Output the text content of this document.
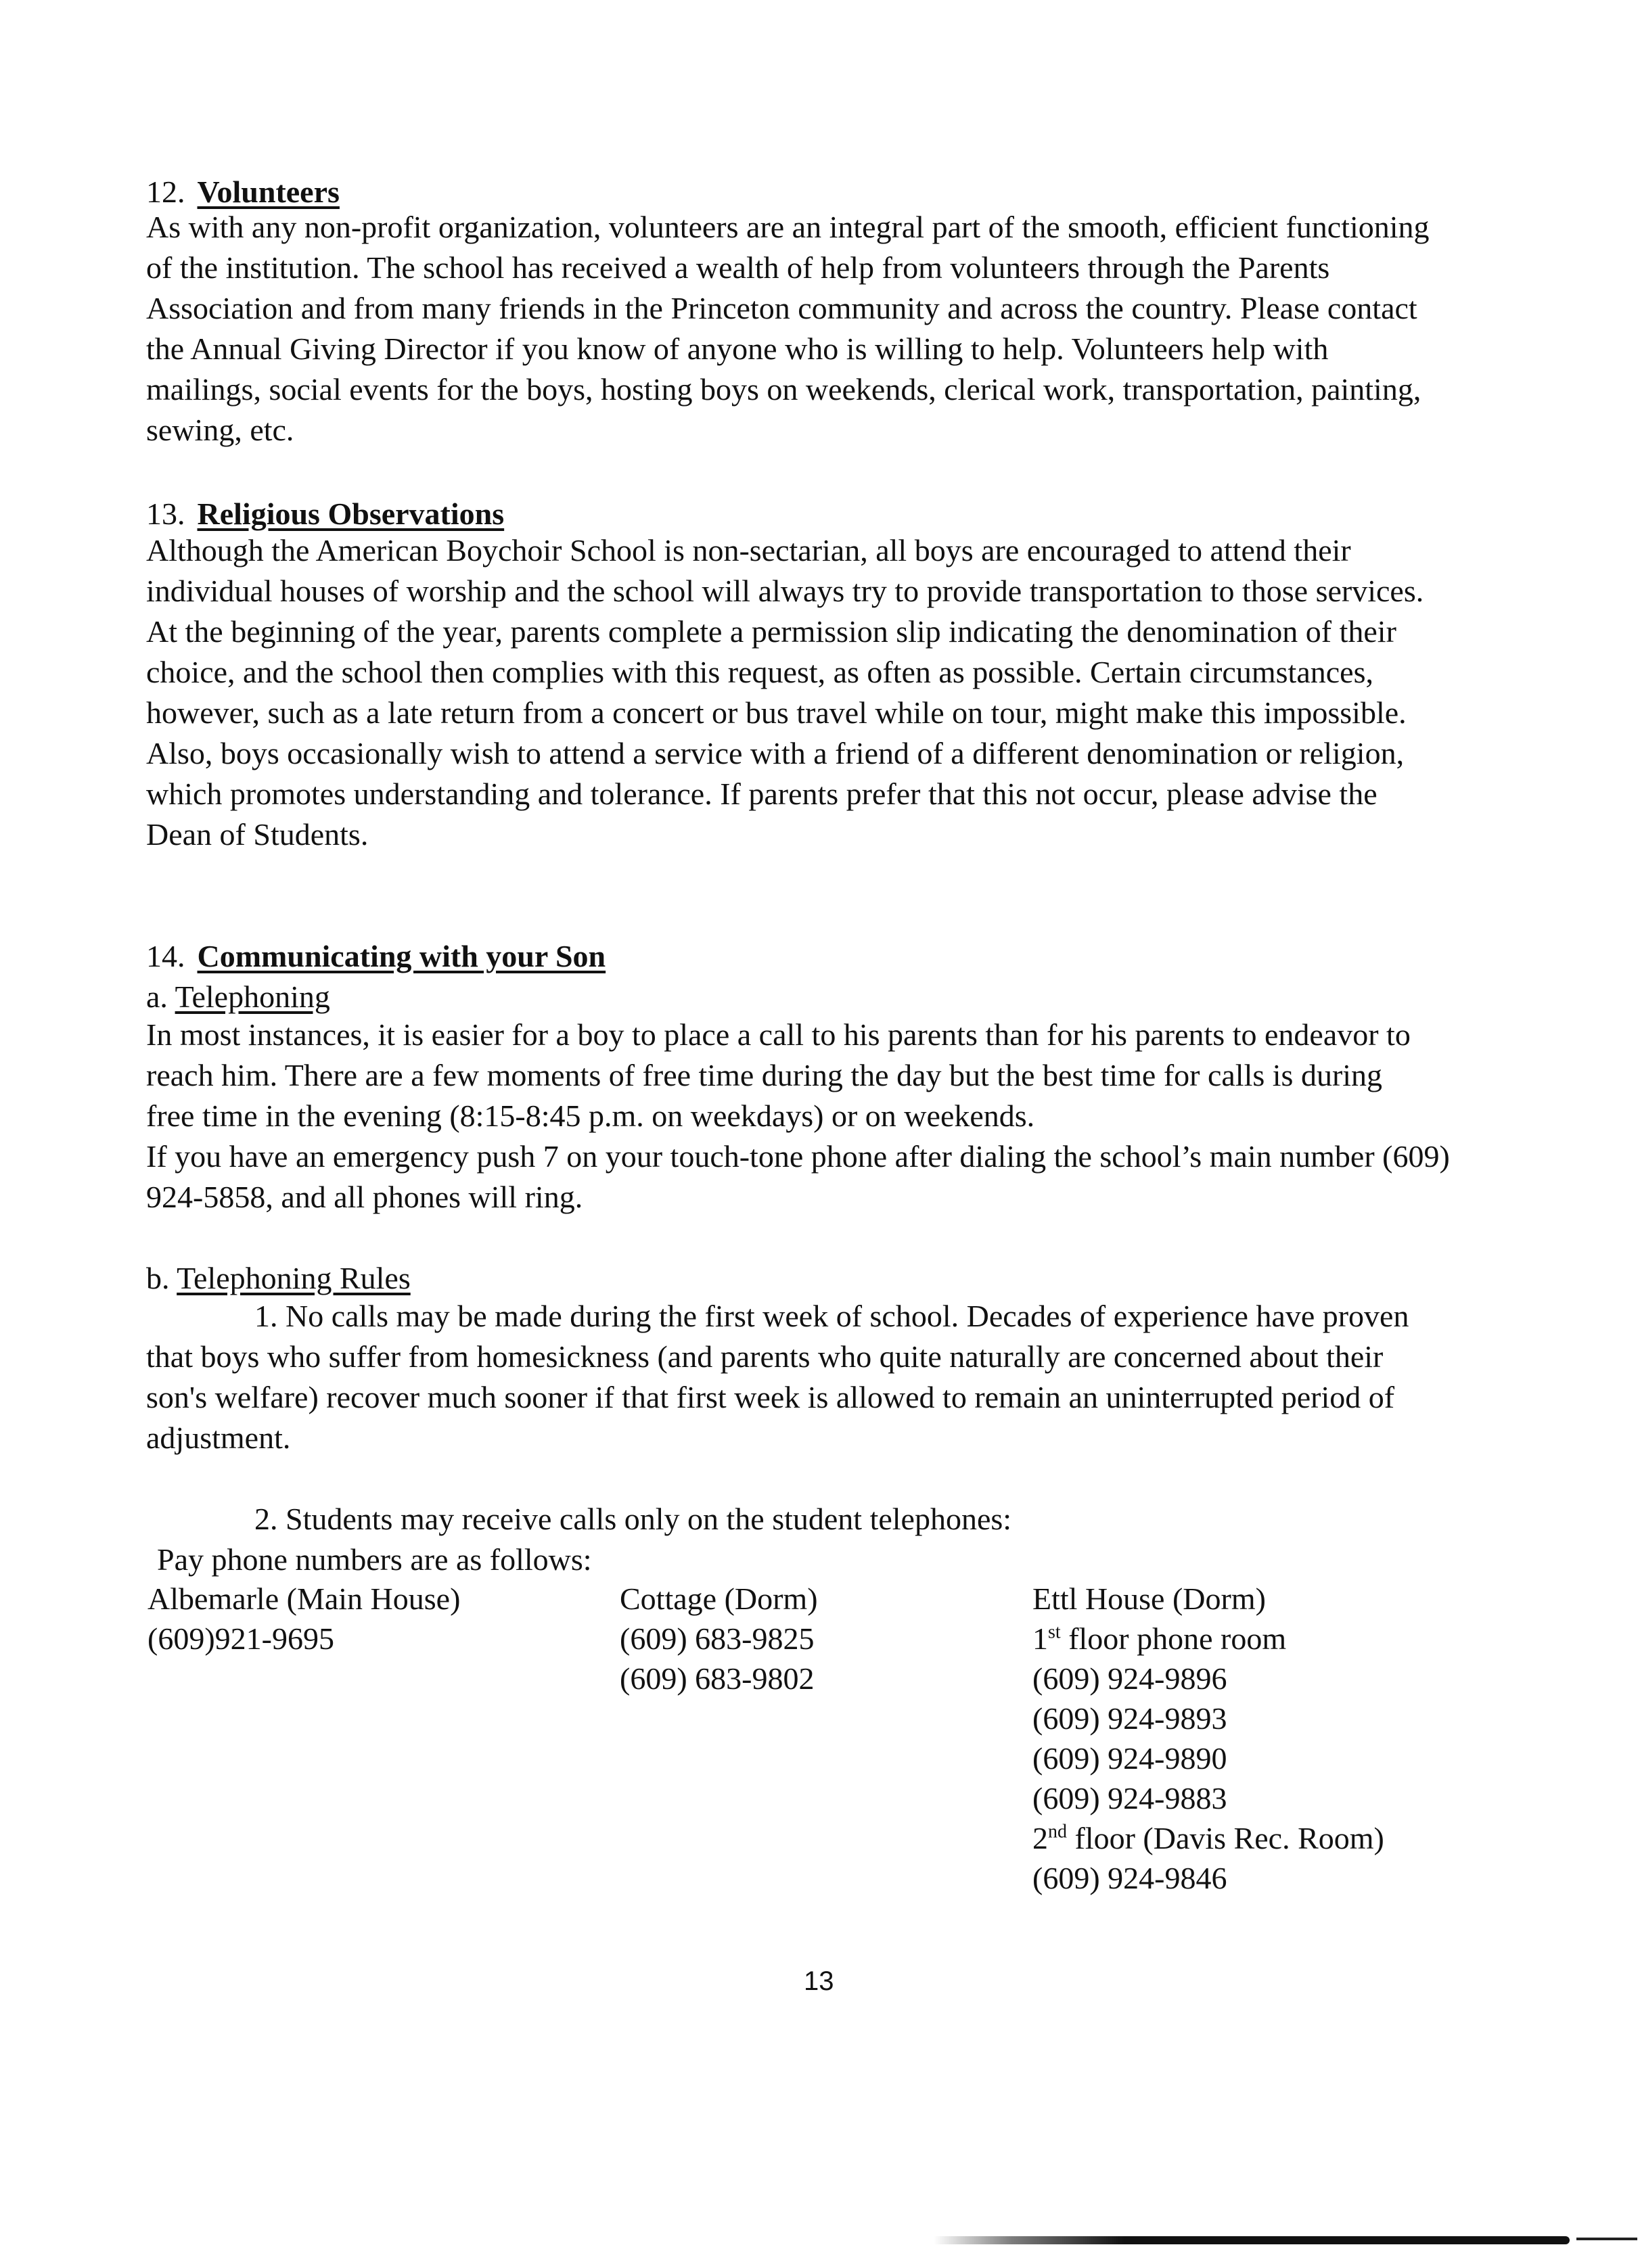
12. Volunteers
As with any non-profit organization, volunteers are an integral part of the smooth, efficient functioning
of the institution. The school has received a wealth of help from volunteers through the Parents
Association and from many friends in the Princeton community and across the country. Please contact
the Annual Giving Director if you know of anyone who is willing to help. Volunteers help with
mailings, social events for the boys, hosting boys on weekends, clerical work, transportation, painting,
sewing, etc.
13. Religious Observations
Although the American Boychoir School is non-sectarian, all boys are encouraged to attend their
individual houses of worship and the school will always try to provide transportation to those services.
At the beginning of the year, parents complete a permission slip indicating the denomination of their
choice, and the school then complies with this request, as often as possible. Certain circumstances,
however, such as a late return from a concert or bus travel while on tour, might make this impossible.
Also, boys occasionally wish to attend a service with a friend of a different denomination or religion,
which promotes understanding and tolerance. If parents prefer that this not occur, please advise the
Dean of Students.
14. Communicating with your Son
a. Telephoning
In most instances, it is easier for a boy to place a call to his parents than for his parents to endeavor to
reach him. There are a few moments of free time during the day but the best time for calls is during
free time in the evening (8:15-8:45 p.m. on weekdays) or on weekends.
If you have an emergency push 7 on your touch-tone phone after dialing the school’s main number (609)
924-5858, and all phones will ring.
b. Telephoning Rules
1. No calls may be made during the first week of school. Decades of experience have proven
that boys who suffer from homesickness (and parents who quite naturally are concerned about their
son's welfare) recover much sooner if that first week is allowed to remain an uninterrupted period of
adjustment.
2. Students may receive calls only on the student telephones:
Pay phone numbers are as follows:
Albemarle (Main House)
(609)921-9695
Cottage (Dorm)
(609) 683-9825
(609) 683-9802
Ettl House (Dorm)
1st floor phone room
(609) 924-9896
(609) 924-9893
(609) 924-9890
(609) 924-9883
2nd floor (Davis Rec. Room)
(609) 924-9846
13
